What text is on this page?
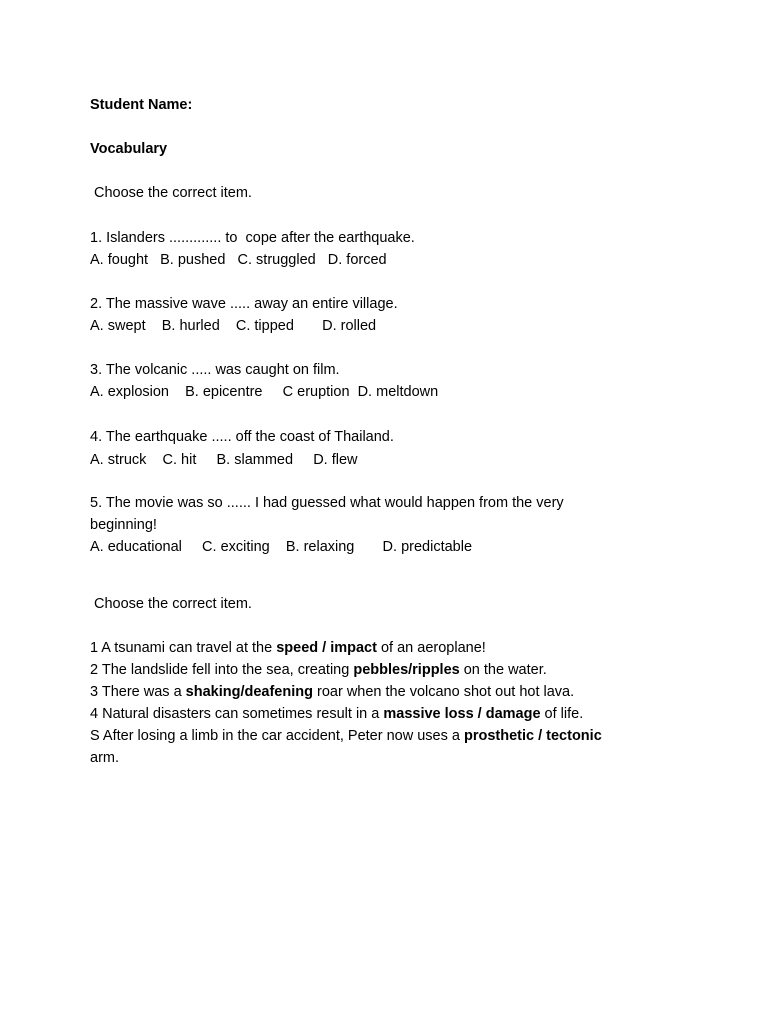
Student Name:
Vocabulary
Choose the correct item.
1. Islanders ............. to  cope after the earthquake.
A. fought   B. pushed   C. struggled   D. forced
2. The massive wave ..... away an entire village.
A. swept    B. hurled    C. tipped       D. rolled
3. The volcanic ..... was caught on film.
A. explosion    B. epicentre     C eruption  D. meltdown
4. The earthquake ..... off the coast of Thailand.
A. struck    C. hit     B. slammed     D. flew
5. The movie was so ...... I had guessed what would happen from the very
beginning!
A. educational     C. exciting    B. relaxing       D. predictable
Choose the correct item.
1 A tsunami can travel at the speed / impact of an aeroplane!
2 The landslide fell into the sea, creating pebbles/ripples on the water.
3 There was a shaking/deafening roar when the volcano shot out hot lava.
4 Natural disasters can sometimes result in a massive loss / damage of life.
S After losing a limb in the car accident, Peter now uses a prosthetic / tectonic
arm.
